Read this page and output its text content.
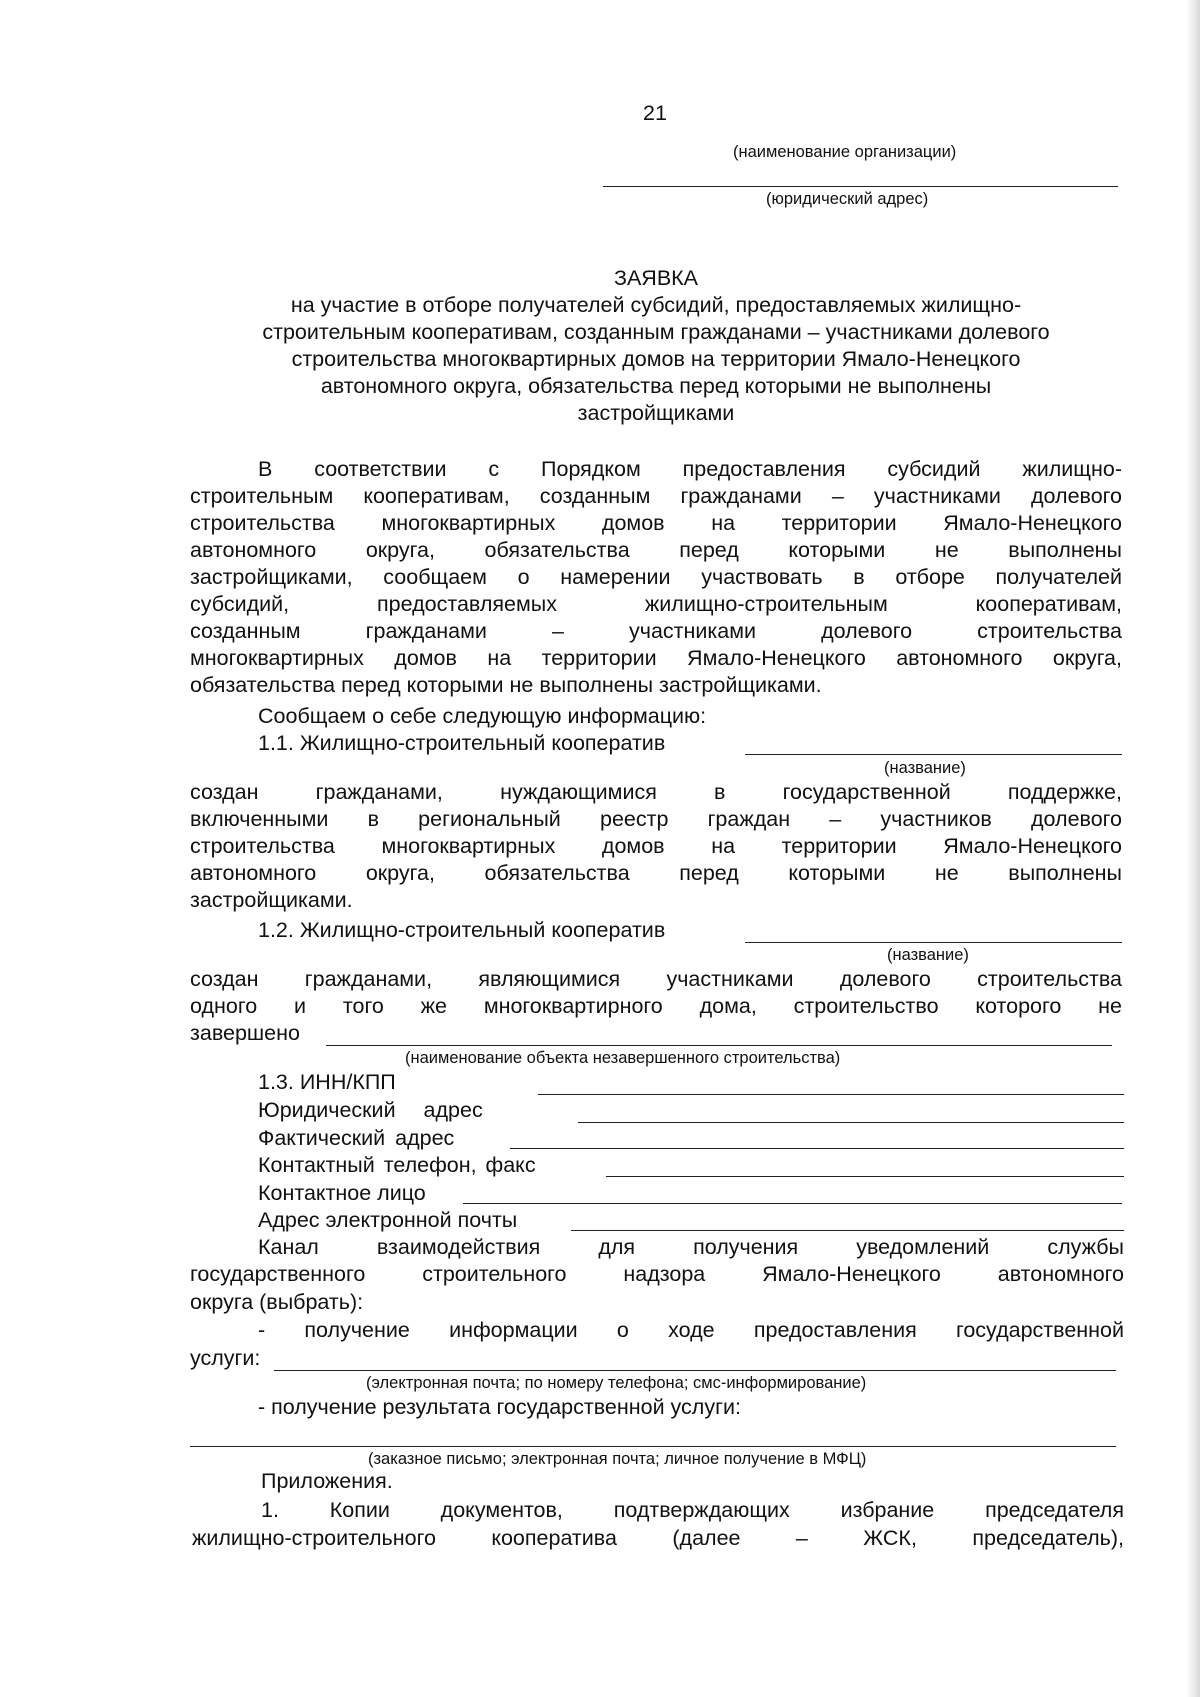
21
(наименование организации)
(юридический адрес)
ЗАЯВКА
на участие в отборе получателей субсидий, предоставляемых жилищно-
строительным кооперативам, созданным гражданами – участниками долевого
строительства многоквартирных домов на территории Ямало-Ненецкого
автономного округа, обязательства перед которыми не выполнены
застройщиками
В соответствии с Порядком предоставления субсидий жилищно-
строительным кооперативам, созданным гражданами – участниками долевого
строительства многоквартирных домов на территории Ямало-Ненецкого
автономного округа, обязательства перед которыми не выполнены
застройщиками, сообщаем о намерении участвовать в отборе получателей
субсидий, предоставляемых жилищно-строительным кооперативам,
созданным гражданами – участниками долевого строительства
многоквартирных домов на территории Ямало-Ненецкого автономного округа,
обязательства перед которыми не выполнены застройщиками.
Сообщаем о себе следующую информацию:
1.1. Жилищно-строительный кооператив
(название)
создан гражданами, нуждающимися в государственной поддержке,
включенными в региональный реестр граждан – участников долевого
строительства многоквартирных домов на территории Ямало-Ненецкого
автономного округа, обязательства перед которыми не выполнены
застройщиками.
1.2. Жилищно-строительный кооператив
(название)
создан гражданами, являющимися участниками долевого строительства
одного и того же многоквартирного дома, строительство которого не
завершено
(наименование объекта незавершенного строительства)
1.3. ИНН/КПП
Юридический адрес
Фактический адрес
Контактный телефон, факс
Контактное лицо
Адрес электронной почты
Канал взаимодействия для получения уведомлений службы
государственного строительного надзора Ямало-Ненецкого автономного
округа (выбрать):
- получение информации о ходе предоставления государственной
услуги:
(электронная почта; по номеру телефона; смс-информирование)
- получение результата государственной услуги:
(заказное письмо; электронная почта; личное получение в МФЦ)
Приложения.
1. Копии документов, подтверждающих избрание председателя
жилищно-строительного кооператива (далее – ЖСК, председатель),
